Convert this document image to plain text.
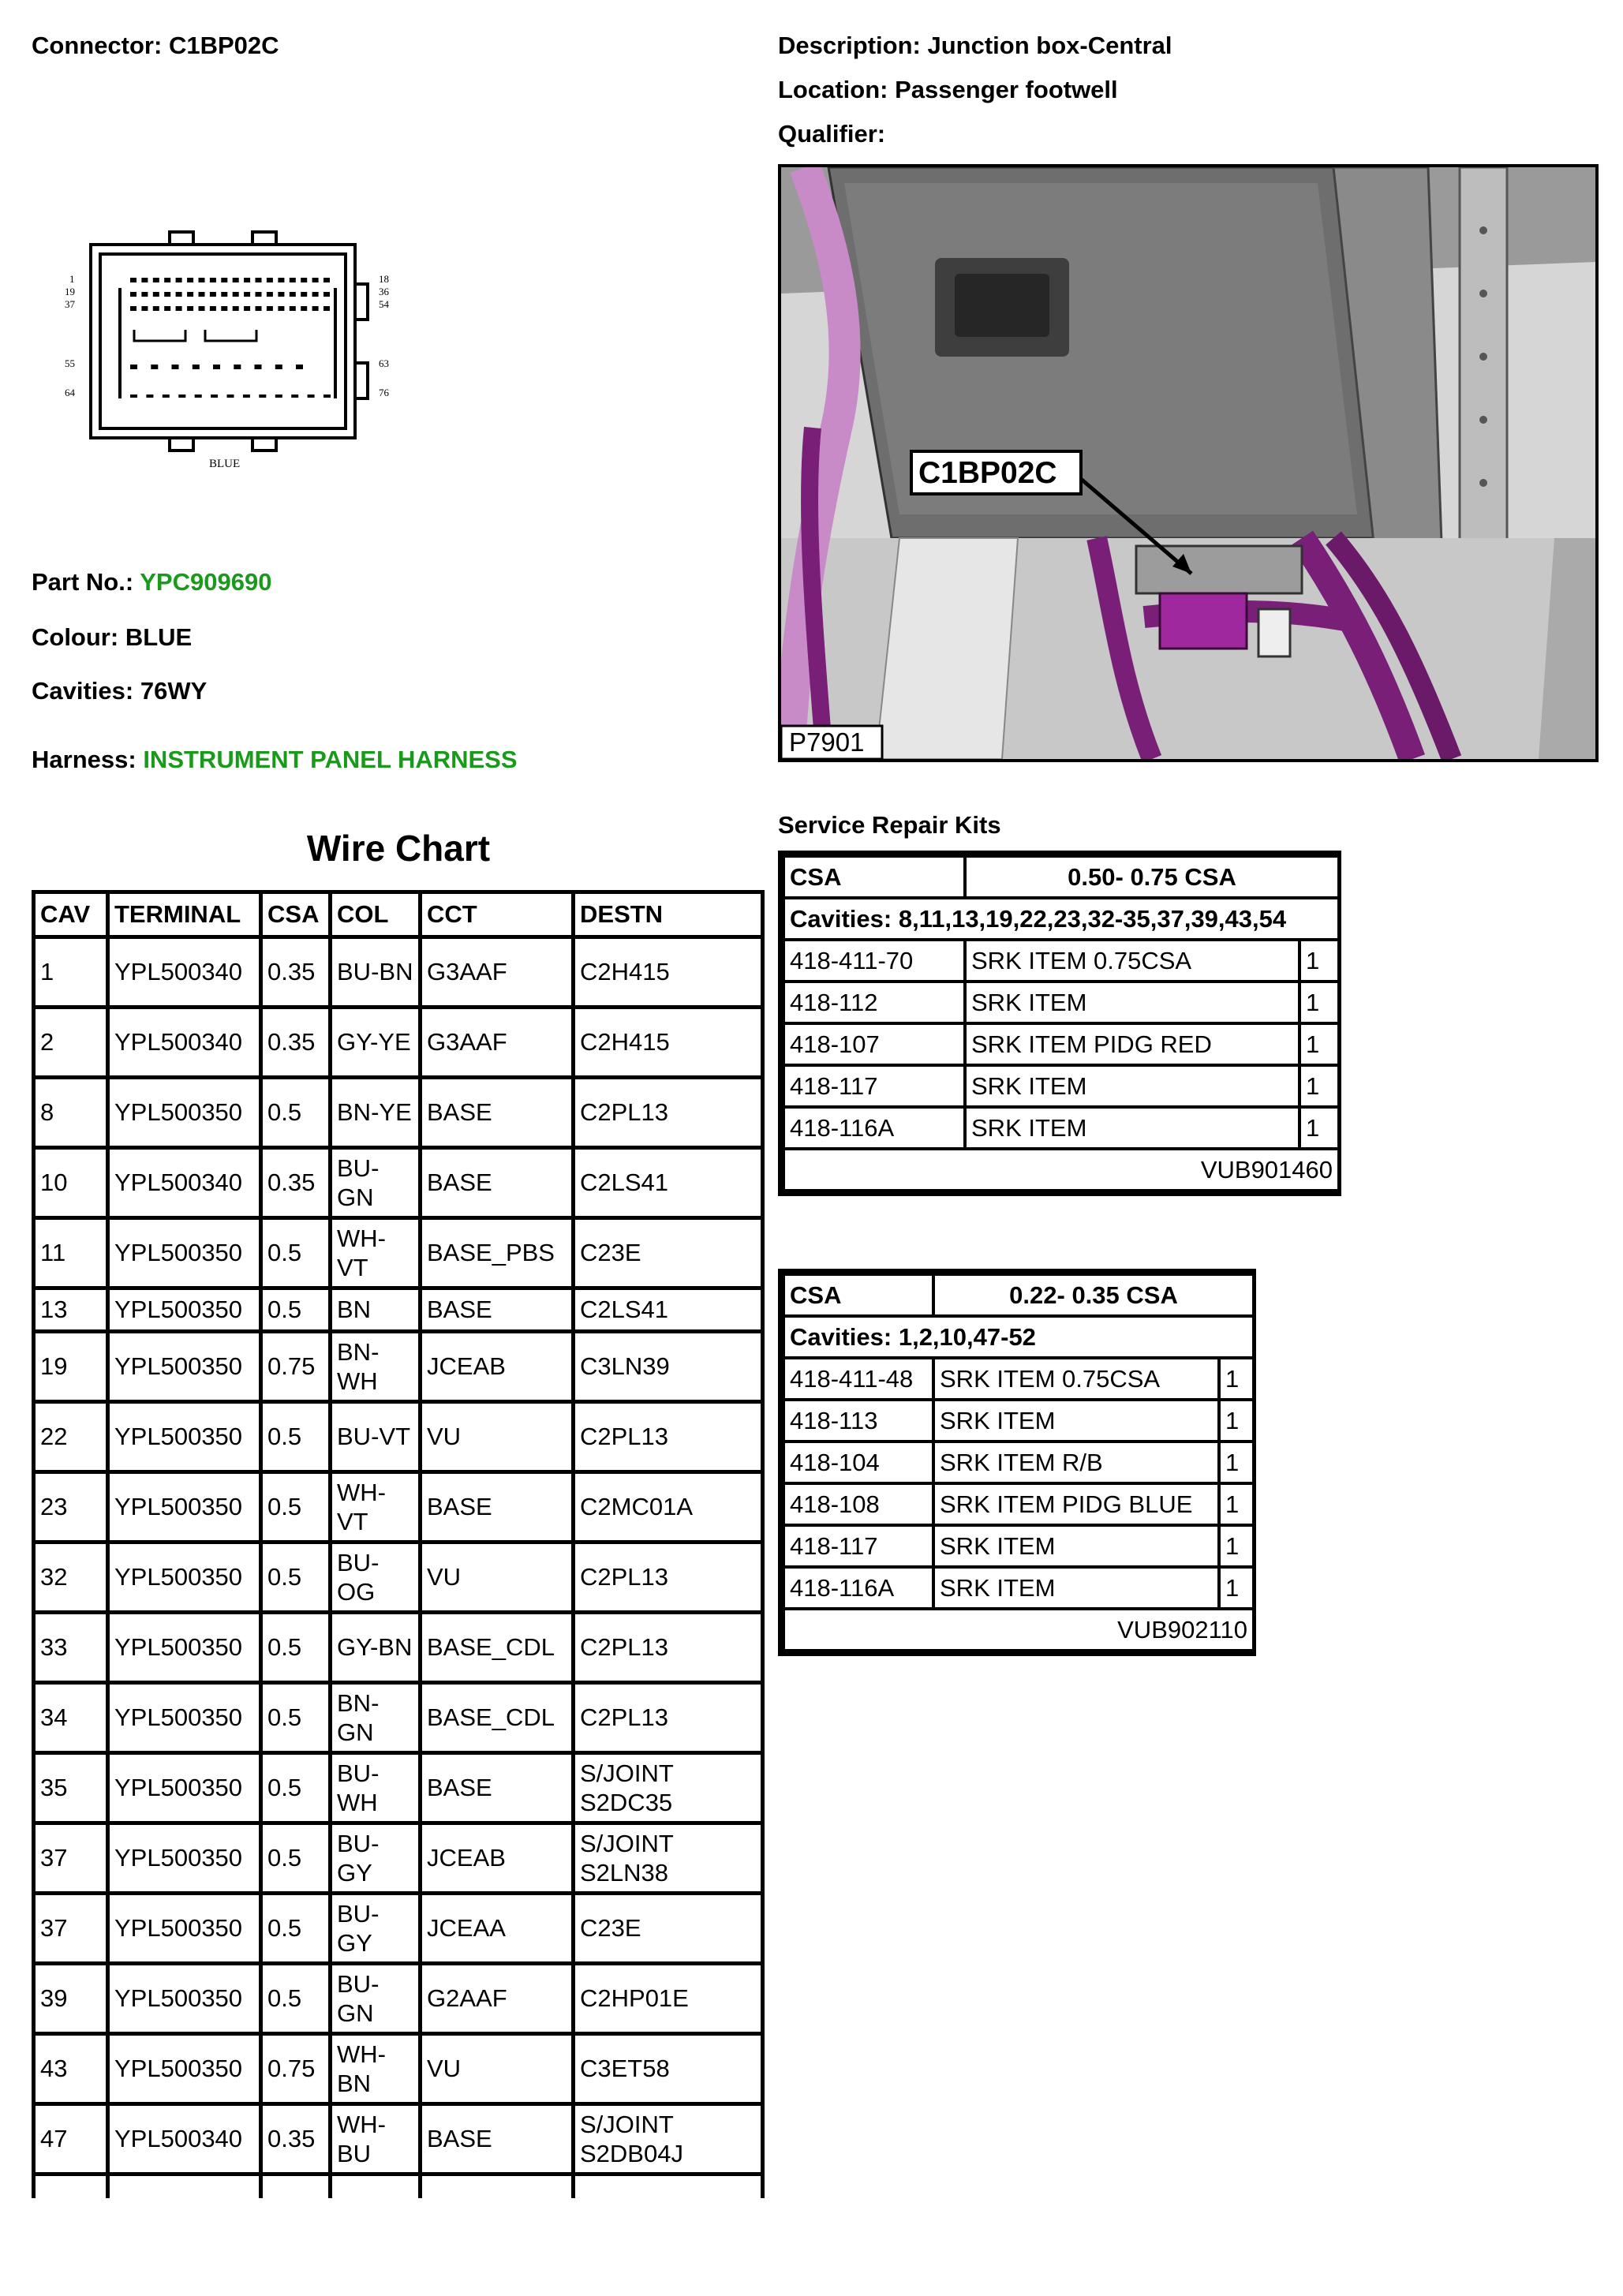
Connector: C1BP02C	Description: Junction box-Central
Location: Passenger footwell
Qualifier:
1
19
37
55
64
18
36
54
63
76
BLUE
Part No.: YPC909690
Colour: BLUE
Cavities: 76WY
Harness: INSTRUMENT PANEL HARNESS
C1BP02C
P7901
Wire Chart
CAV	TERMINAL	CSA	COL	CCT	DESTN
1	YPL500340	0.35	BU-BN	G3AAF	C2H415
2	YPL500340	0.35	GY-YE	G3AAF	C2H415
8	YPL500350	0.5	BN-YE	BASE	C2PL13
10	YPL500340	0.35	BU-GN	BASE	C2LS41
11	YPL500350	0.5	WH-VT	BASE_PBS	C23E
13	YPL500350	0.5	BN	BASE	C2LS41
19	YPL500350	0.75	BN-WH	JCEAB	C3LN39
22	YPL500350	0.5	BU-VT	VU	C2PL13
23	YPL500350	0.5	WH-VT	BASE	C2MC01A
32	YPL500350	0.5	BU-OG	VU	C2PL13
33	YPL500350	0.5	GY-BN	BASE_CDL	C2PL13
34	YPL500350	0.5	BN-GN	BASE_CDL	C2PL13
35	YPL500350	0.5	BU-WH	BASE	S/JOINT S2DC35
37	YPL500350	0.5	BU-GY	JCEAB	S/JOINT S2LN38
37	YPL500350	0.5	BU-GY	JCEAA	C23E
39	YPL500350	0.5	BU-GN	G2AAF	C2HP01E
43	YPL500350	0.75	WH-BN	VU	C3ET58
47	YPL500340	0.35	WH-BU	BASE	S/JOINT S2DB04J

Service Repair Kits
CSA	0.50- 0.75 CSA	
Cavities: 8,11,13,19,22,23,32-35,37,39,43,54		
418-411-70	SRK ITEM 0.75CSA	1
418-112	SRK ITEM	1
418-107	SRK ITEM PIDG RED	1
418-117	SRK ITEM	1
418-116A	SRK ITEM	1
VUB901460		
CSA	0.22- 0.35 CSA	
Cavities: 1,2,10,47-52		
418-411-48	SRK ITEM 0.75CSA	1
418-113	SRK ITEM	1
418-104	SRK ITEM R/B	1
418-108	SRK ITEM PIDG BLUE	1
418-117	SRK ITEM	1
418-116A	SRK ITEM	1
VUB902110		
